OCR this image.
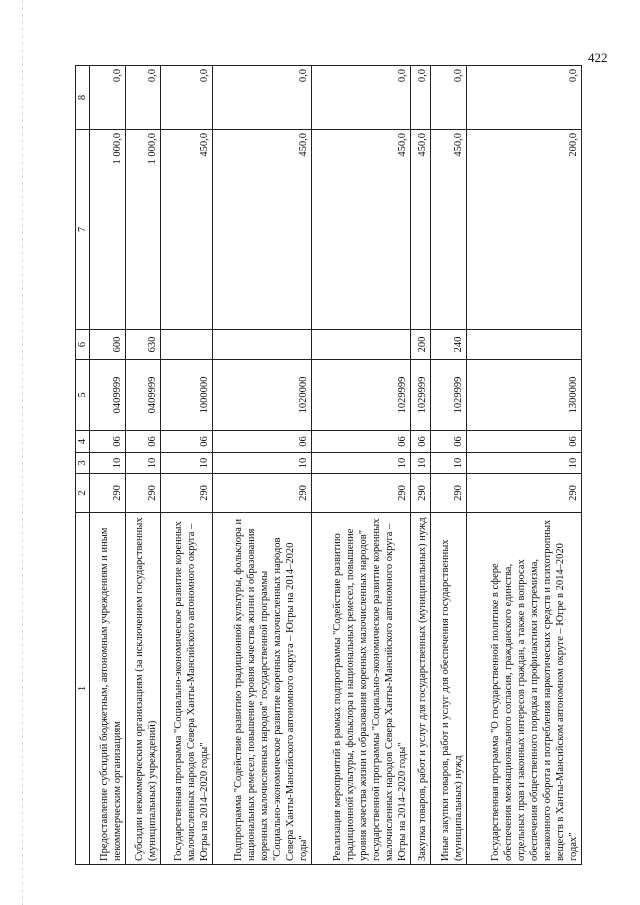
422
1	2	3	4	5	6	7	8
Предоставление субсидий бюджетным, автономным учреждениям и иным некоммерческим организациям	290	10	06	0409999	600	1 000,0	0,0
Субсидии некоммерческим организациям (за исключением государственных (муниципальных) учреждений)	290	10	06	0409999	630	1 000,0	0,0
Государственная программа "Социально-экономическое развитие коренных малочисленных народов Севера Ханты-Мансийского автономного округа – Югры на 2014–2020 годы"	290	10	06	1000000		450,0	0,0
Подпрограмма "Содействие развитию традиционной культуры, фольклора и национальных ремесел, повышение уровня качества жизни и образования коренных малочисленных народов" государственной программы "Социально-экономическое развитие коренных малочисленных народов Севера Ханты-Мансийского автономного округа – Югры на 2014–2020 годы"	290	10	06	1020000		450,0	0,0
Реализация мероприятий в рамках подпрограммы "Содействие развитию традиционной культуры, фольклора и национальных ремесел, повышение уровня качества жизни и образования коренных малочисленных народов" государственной программы "Социально-экономическое развитие коренных малочисленных народов Севера Ханты-Мансийского автономного округа – Югры на 2014–2020 годы"	290	10	06	1029999		450,0	0,0
Закупка товаров, работ и услуг для государственных (муниципальных) нужд	290	10	06	1029999	200	450,0	0,0
Иные закупки товаров, работ и услуг для обеспечения государственных (муниципальных) нужд	290	10	06	1029999	240	450,0	0,0
Государственная программа "О государственной политике в сфере обеспечения межнационального согласия, гражданского единства, отдельных прав и законных интересов граждан, а также в вопросах обеспечения общественного порядка и профилактики экстремизма, незаконного оборота и потребления наркотических средств и психотропных веществ в Ханты-Мансийском автономном округе – Югре в 2014–2020 годах"	290	10	06	1300000		200,0	0,0
